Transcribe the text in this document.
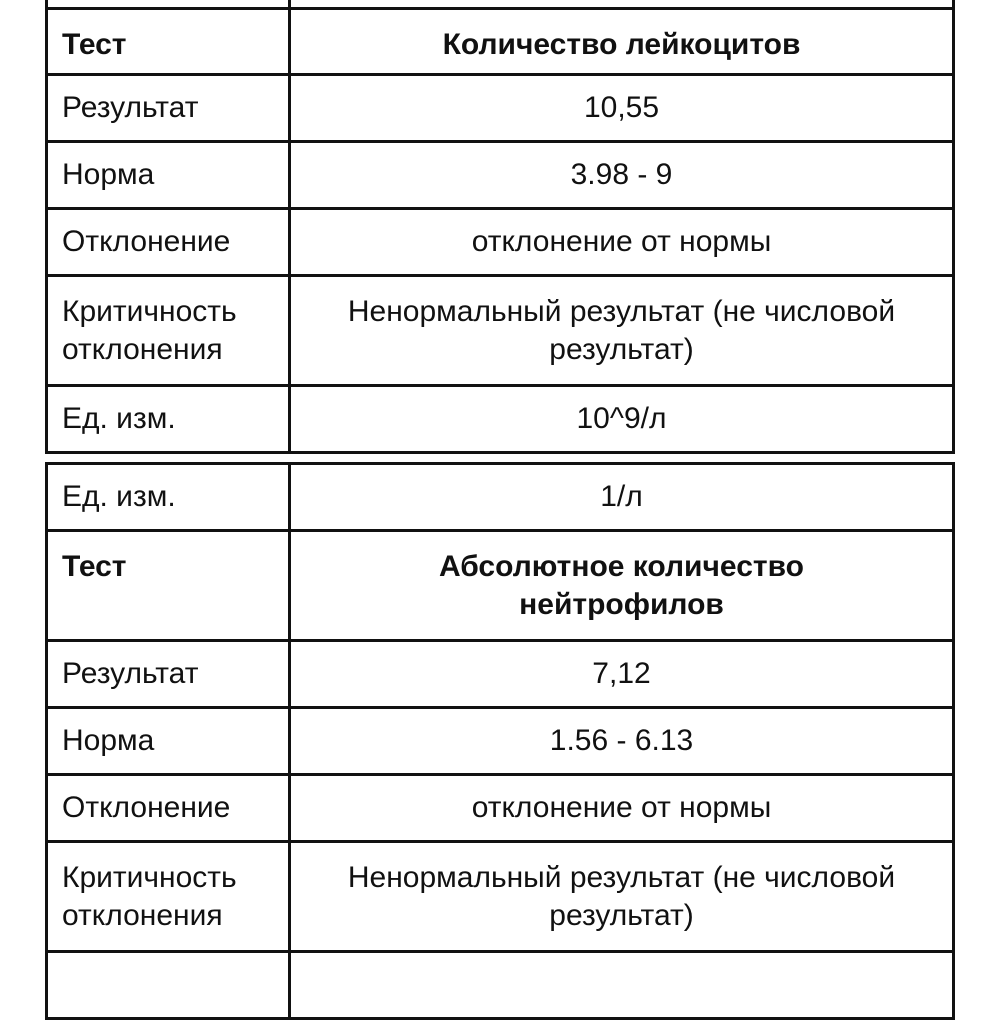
Тест	Количество лейкоцитов
Результат	10,55
Норма	3.98 - 9
Отклонение	отклонение от нормы
Критичность отклонения	Ненормальный результат (не числовой результат)
Ед. изм.	10^9/л
Ед. изм.	1/л
Тест	Абсолютное количество нейтрофилов
Результат	7,12
Норма	1.56 - 6.13
Отклонение	отклонение от нормы
Критичность отклонения	Ненормальный результат (не числовой результат)
